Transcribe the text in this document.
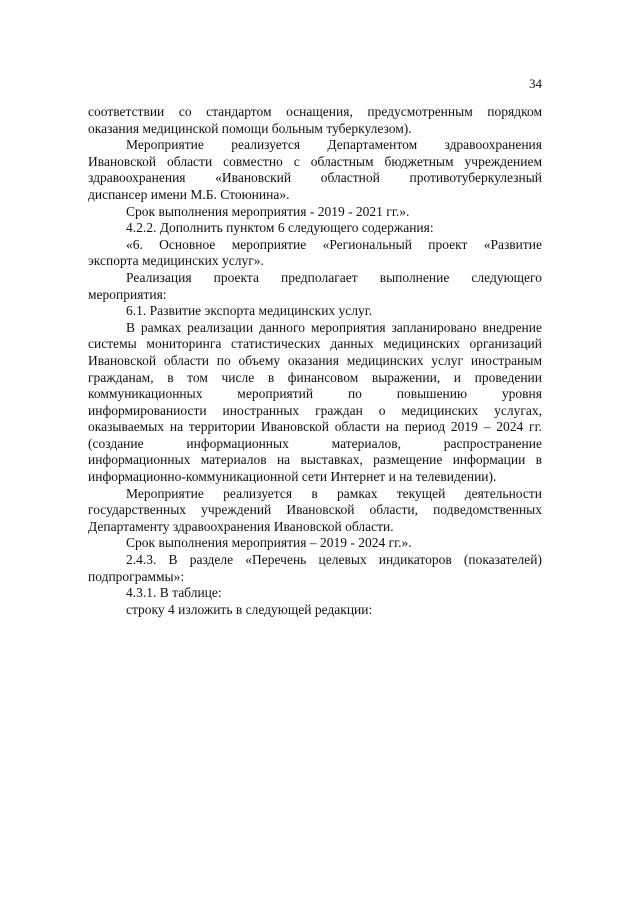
34

соответствии со стандартом оснащения, предусмотренным порядком

оказания медицинской помощи больным туберкулезом).

Мероприятие реализуется Департаментом здравоохранения

Ивановской области совместно с областным бюджетным учреждением

здравоохранения «Ивановский областной противотуберкулезный

диспансер имени М.Б. Стоюнина».

Срок выполнения мероприятия - 2019 - 2021 гг.».

4.2.2. Дополнить пунктом 6 следующего содержания:

«6. Основное мероприятие «Региональный проект «Развитие

экспорта медицинских услуг».

Реализация проекта предполагает выполнение следующего

мероприятия:

6.1. Развитие экспорта медицинских услуг.

В рамках реализации данного мероприятия запланировано внедрение

системы мониторинга статистических данных медицинских организаций

Ивановской области по объему оказания медицинских услуг иностраным

гражданам, в том числе в финансовом выражении, и проведении

коммуникационных мероприятий по повышению уровня

информированиости иностранных граждан о медицинских услугах,

оказываемых на территории Ивановской области на период 2019 – 2024 гг.

(создание информационных материалов, распространение

информационных материалов на выставках, размещение информации в

информационно-коммуникационной сети Интернет и на телевидении).

Мероприятие реализуется в рамках текущей деятельности

государственных учреждений Ивановской области, подведомственных

Департаменту здравоохранения Ивановской области.

Срок выполнения мероприятия – 2019 - 2024 гг.».

2.4.3. В разделе «Перечень целевых индикаторов (показателей)

подпрограммы»:

4.3.1. В таблице:

строку 4 изложить в следующей редакции:
